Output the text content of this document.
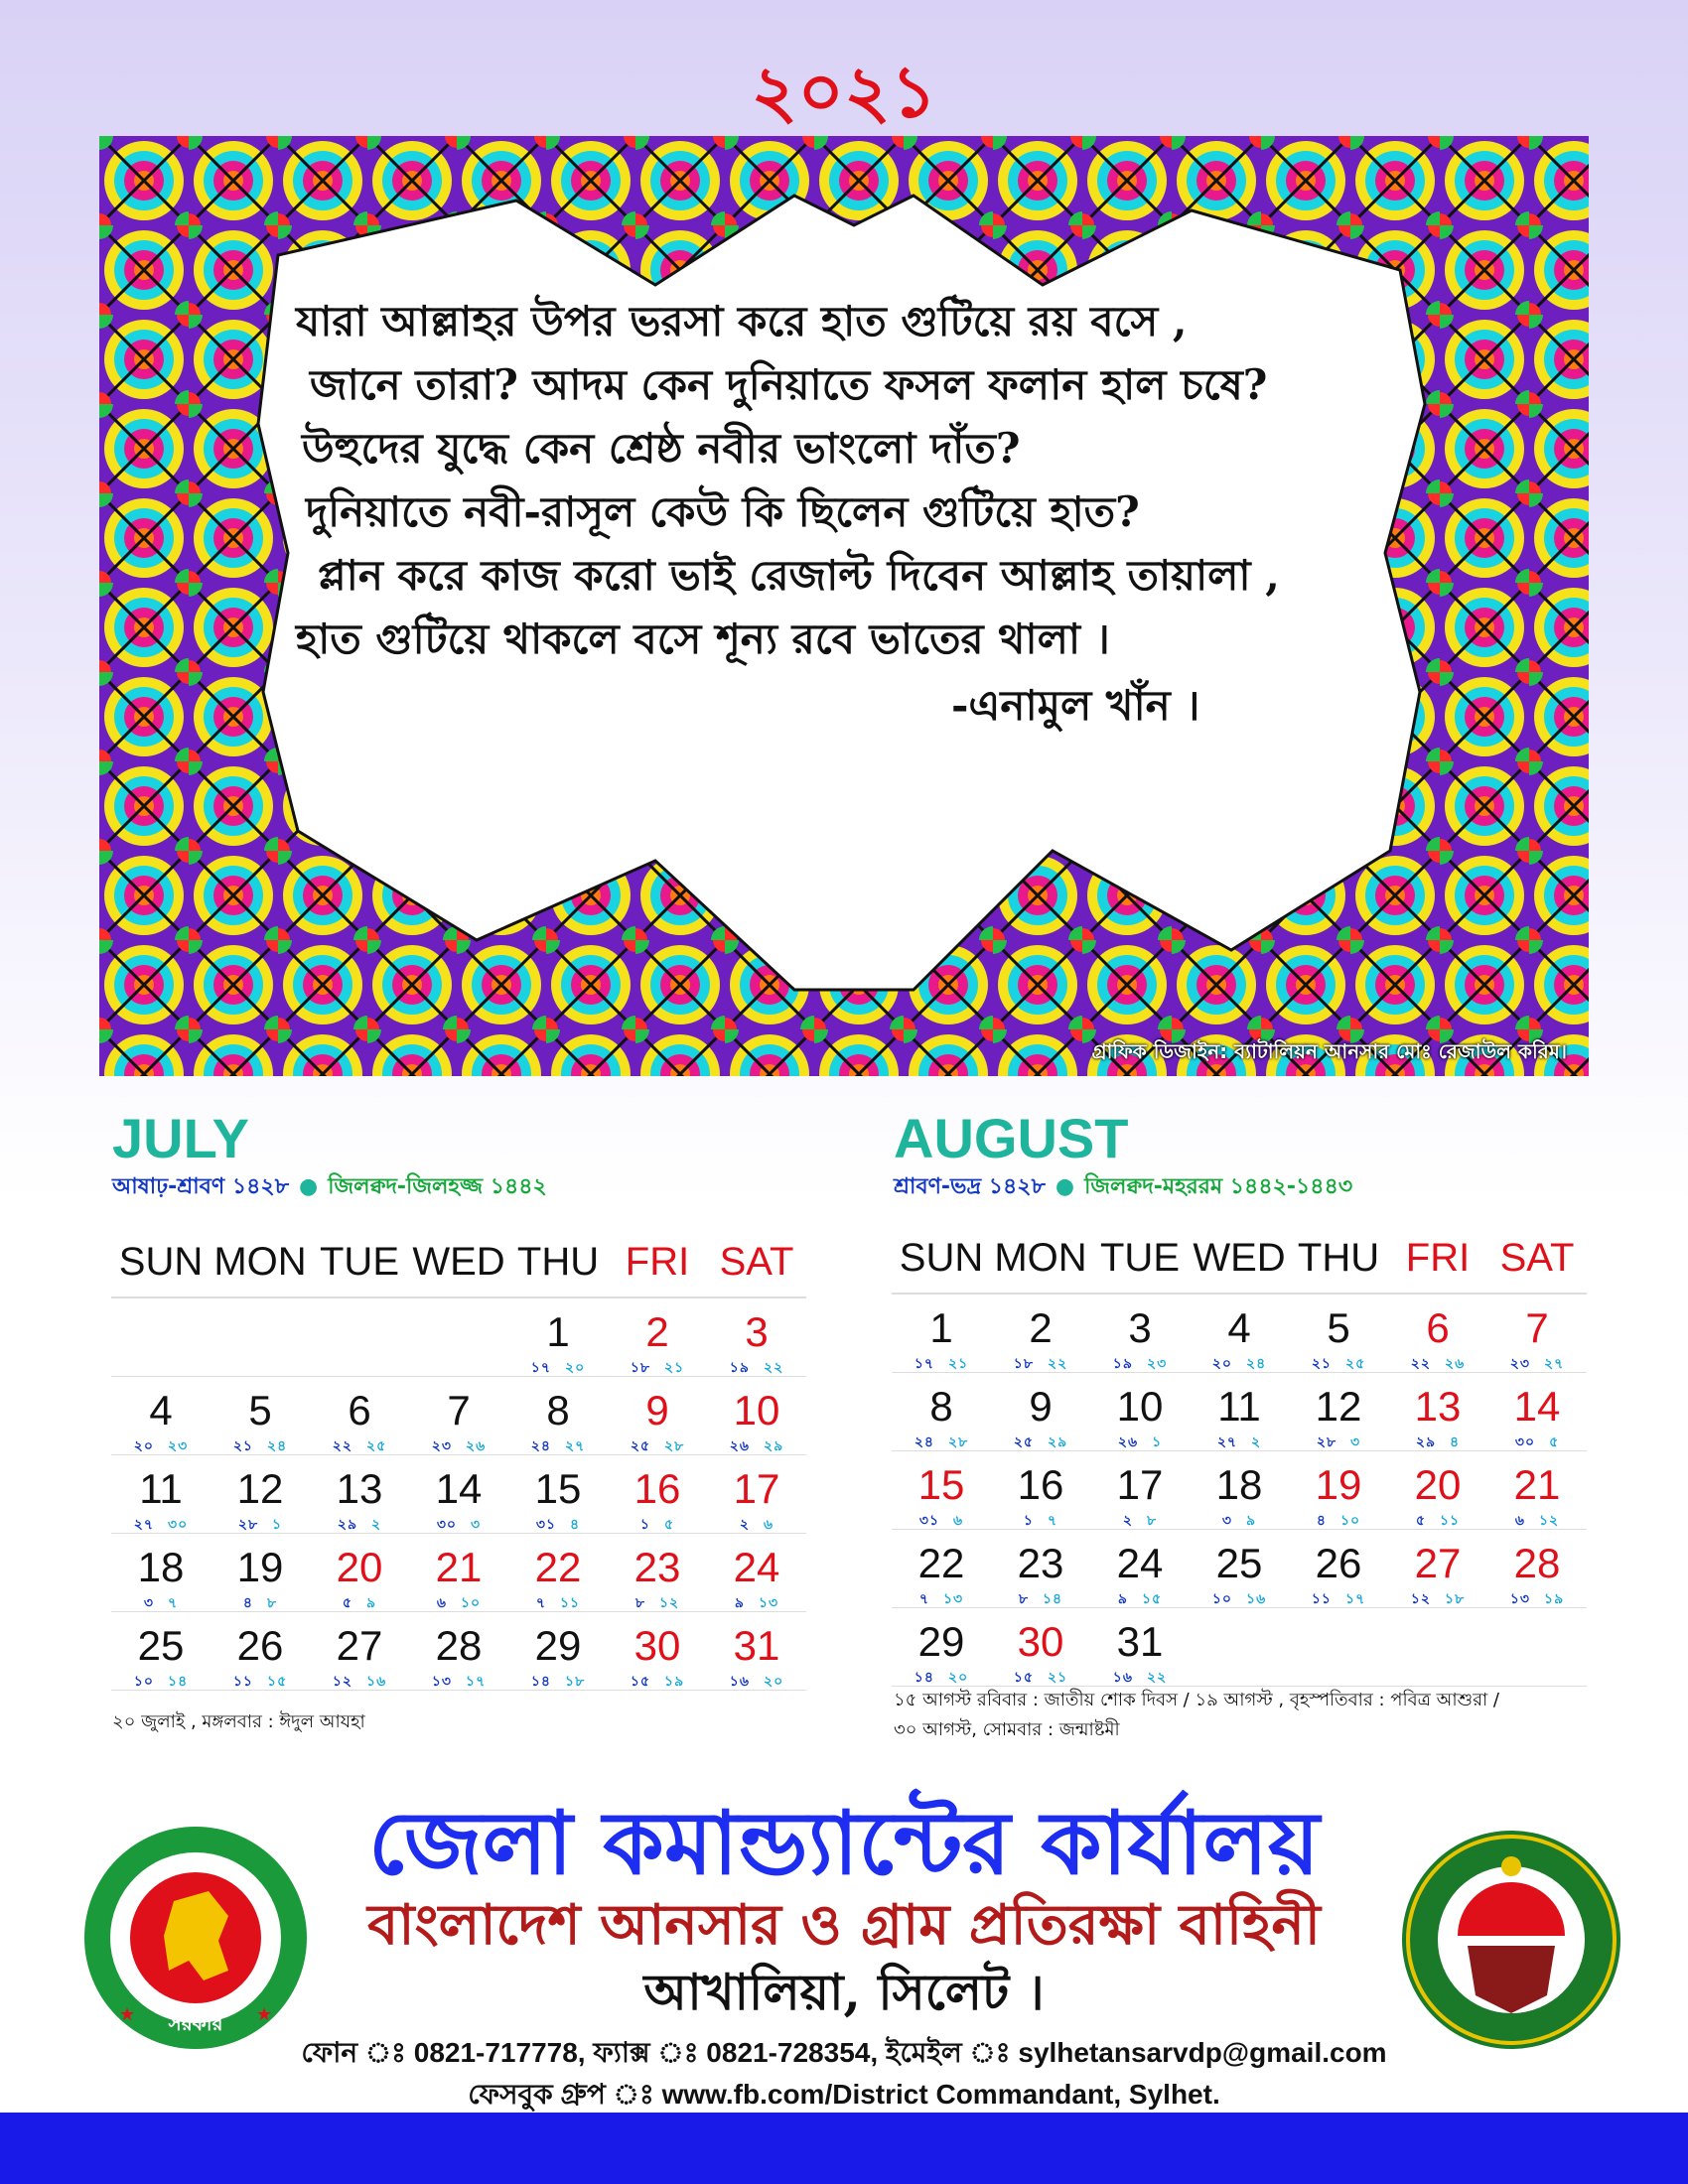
২০২১
যারা আল্লাহর উপর ভরসা করে হাত গুটিয়ে রয় বসে ,
জানে তারা? আদম কেন দুনিয়াতে ফসল ফলান হাল চষে?
উহুদের যুদ্ধে কেন শ্রেষ্ঠ নবীর ভাংলো দাঁত?
দুনিয়াতে নবী-রাসূল কেউ কি ছিলেন গুটিয়ে হাত?
প্লান করে কাজ করো ভাই রেজাল্ট দিবেন আল্লাহ তায়ালা ,
হাত গুটিয়ে থাকলে বসে শূন্য রবে ভাতের থালা ।
-এনামুল খাঁন ।
গ্রাফিক ডিজাইন: ব্যাটালিয়ন আনসার মোঃ রেজাউল করিম।
JULY
আষাঢ়-শ্রাবণ ১৪২৮ ● জিলক্বদ-জিলহজ্জ ১৪৪২
SUN MON TUE WED THU FRI SAT
1
১৭ ২০
2
১৮ ২১
3
১৯ ২২
4
২০ ২৩
5
২১ ২৪
6
২২ ২৫
7
২৩ ২৬
8
২৪ ২৭
9
২৫ ২৮
10
২৬ ২৯
11
২৭ ৩০
12
২৮ ১
13
২৯ ২
14
৩০ ৩
15
৩১ ৪
16
১ ৫
17
২ ৬
18
৩ ৭
19
৪ ৮
20
৫ ৯
21
৬ ১০
22
৭ ১১
23
৮ ১২
24
৯ ১৩
25
১০ ১৪
26
১১ ১৫
27
১২ ১৬
28
১৩ ১৭
29
১৪ ১৮
30
১৫ ১৯
31
১৬ ২০
২০ জুলাই , মঙ্গলবার : ঈদুল আযহা
AUGUST
শ্রাবণ-ভদ্র ১৪২৮ ● জিলক্বদ-মহররম ১৪৪২-১৪৪৩
SUN MON TUE WED THU FRI SAT
1
১৭ ২১
2
১৮ ২২
3
১৯ ২৩
4
২০ ২৪
5
২১ ২৫
6
২২ ২৬
7
২৩ ২৭
8
২৪ ২৮
9
২৫ ২৯
10
২৬ ১
11
২৭ ২
12
২৮ ৩
13
২৯ ৪
14
৩০ ৫
15
৩১ ৬
16
১ ৭
17
২ ৮
18
৩ ৯
19
৪ ১০
20
৫ ১১
21
৬ ১২
22
৭ ১৩
23
৮ ১৪
24
৯ ১৫
25
১০ ১৬
26
১১ ১৭
27
১২ ১৮
28
১৩ ১৯
29
১৪ ২০
30
১৫ ২১
31
১৬ ২২
১৫ আগস্ট রবিবার : জাতীয় শোক দিবস / ১৯ আগস্ট , বৃহস্পতিবার : পবিত্র আশুরা /
৩০ আগস্ট, সোমবার : জন্মাষ্টমী
সরকার
★	★
জেলা কমান্ড্যান্টের কার্যালয়
বাংলাদেশ আনসার ও গ্রাম প্রতিরক্ষা বাহিনী
আখালিয়া, সিলেট ।
ফোন ঃ 0821-717778, ফ্যাক্স ঃ 0821-728354, ইমেইল ঃ sylhetansarvdp@gmail.com
ফেসবুক গ্রুপ ঃ www.fb.com/District Commandant, Sylhet.
